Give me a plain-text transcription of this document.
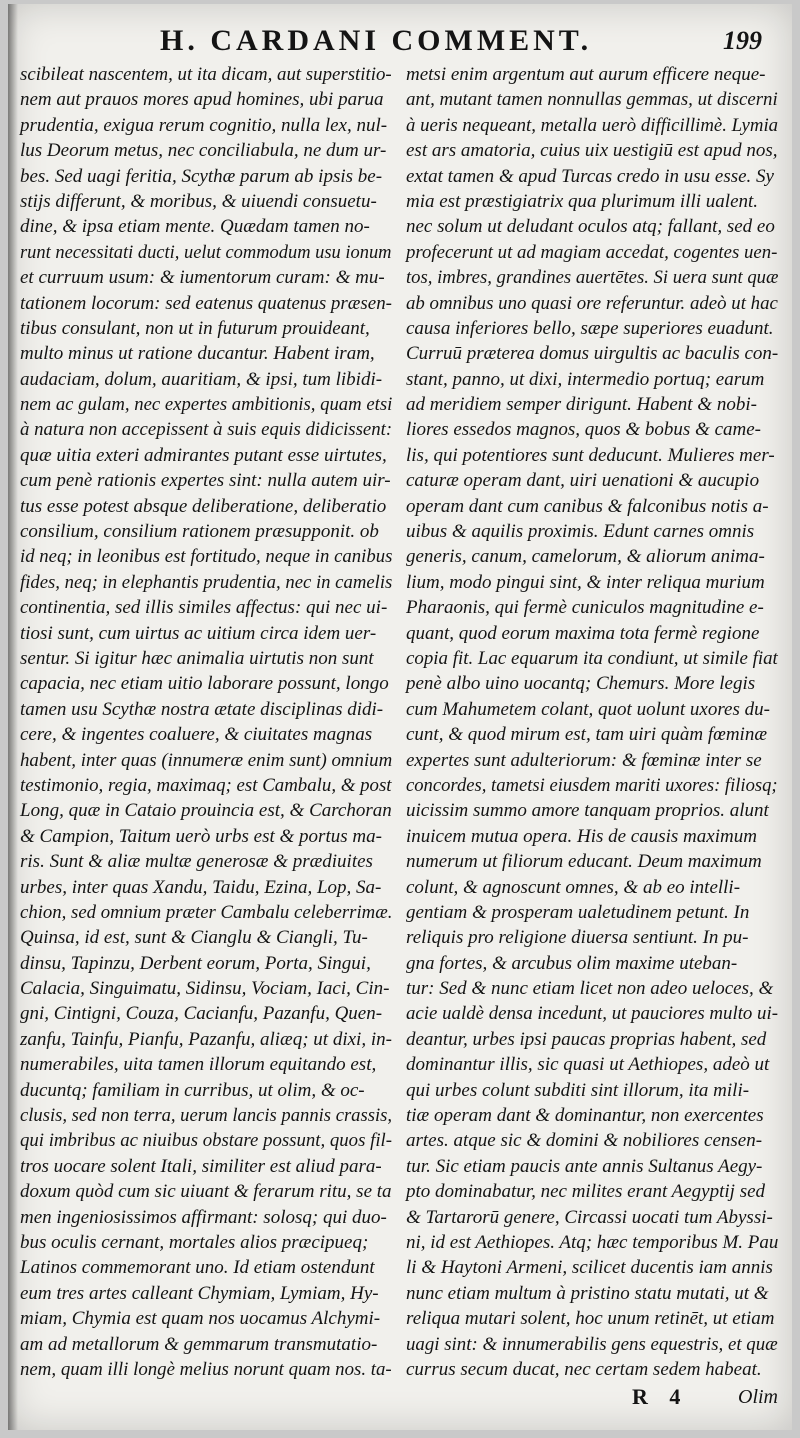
H. CARDANI COMMENT.	199
scibileat nascentem, ut ita dicam, aut superstitio-
nem aut prauos mores apud homines, ubi parua
prudentia, exigua rerum cognitio, nulla lex, nul-
lus Deorum metus, nec conciliabula, ne dum ur-
bes. Sed uagi feritia, Scythæ parum ab ipsis be-
stijs differunt, & moribus, & uiuendi consuetu-
dine, & ipsa etiam mente. Quædam tamen no-
runt necessitati ducti, uelut commodum usu ionum
et curruum usum: & iumentorum curam: & mu-
tationem locorum: sed eatenus quatenus præsen-
tibus consulant, non ut in futurum prouideant,
multo minus ut ratione ducantur. Habent iram,
audaciam, dolum, auaritiam, & ipsi, tum libidi-
nem ac gulam, nec expertes ambitionis, quam etsi
à natura non accepissent à suis equis didicissent:
quæ uitia exteri admirantes putant esse uirtutes,
cum penè rationis expertes sint: nulla autem uir-
tus esse potest absque deliberatione, deliberatio
consilium, consilium rationem præsupponit. ob
id neq; in leonibus est fortitudo, neque in canibus
fides, neq; in elephantis prudentia, nec in camelis
continentia, sed illis similes affectus: qui nec ui-
tiosi sunt, cum uirtus ac uitium circa idem uer-
sentur. Si igitur hæc animalia uirtutis non sunt
capacia, nec etiam uitio laborare possunt, longo
tamen usu Scythæ nostra ætate disciplinas didi-
cere, & ingentes coaluere, & ciuitates magnas
habent, inter quas (innumeræ enim sunt) omnium
testimonio, regia, maximaq; est Cambalu, & post
Long, quæ in Cataio prouincia est, & Carchoran
& Campion, Taitum uerò urbs est & portus ma-
ris. Sunt & aliæ multæ generosæ & prædiuites
urbes, inter quas Xandu, Taidu, Ezina, Lop, Sa-
chion, sed omnium præter Cambalu celeberrimæ.
Quinsa, id est, sunt & Cianglu & Ciangli, Tu-
dinsu, Tapinzu, Derbent eorum, Porta, Singui,
Calacia, Singuimatu, Sidinsu, Vociam, Iaci, Cin-
gni, Cintigni, Couza, Cacianfu, Pazanfu, Quen-
zanfu, Tainfu, Pianfu, Pazanfu, aliæq; ut dixi, in-
numerabiles, uita tamen illorum equitando est,
ducuntq; familiam in curribus, ut olim, & oc-
clusis, sed non terra, uerum lancis pannis crassis,
qui imbribus ac niuibus obstare possunt, quos fil-
tros uocare solent Itali, similiter est aliud para-
doxum quòd cum sic uiuant & ferarum ritu, se ta
men ingeniosissimos affirmant: solosq; qui duo-
bus oculis cernant, mortales alios præcipueq;
Latinos commemorant uno. Id etiam ostendunt
eum tres artes calleant Chymiam, Lymiam, Hy-
miam, Chymia est quam nos uocamus Alchymi-
am ad metallorum & gemmarum transmutatio-
nem, quam illi longè melius norunt quam nos. ta-
metsi enim argentum aut aurum efficere neque-
ant, mutant tamen nonnullas gemmas, ut discerni
à ueris nequeant, metalla uerò difficillimè. Lymia
est ars amatoria, cuius uix uestigiū est apud nos,
extat tamen & apud Turcas credo in usu esse. Sy
mia est præstigiatrix qua plurimum illi ualent.
nec solum ut deludant oculos atq; fallant, sed eo
profecerunt ut ad magiam accedat, cogentes uen-
tos, imbres, grandines auertētes. Si uera sunt quæ
ab omnibus uno quasi ore referuntur. adeò ut hac
causa inferiores bello, sæpe superiores euadunt.
Curruū præterea domus uirgultis ac baculis con-
stant, panno, ut dixi, intermedio portuq; earum
ad meridiem semper dirigunt. Habent & nobi-
liores essedos magnos, quos & bobus & came-
lis, qui potentiores sunt deducunt. Mulieres mer-
caturæ operam dant, uiri uenationi & aucupio
operam dant cum canibus & falconibus notis a-
uibus & aquilis proximis. Edunt carnes omnis
generis, canum, camelorum, & aliorum anima-
lium, modo pingui sint, & inter reliqua murium
Pharaonis, qui fermè cuniculos magnitudine e-
quant, quod eorum maxima tota fermè regione
copia fit. Lac equarum ita condiunt, ut simile fiat
penè albo uino uocantq; Chemurs. More legis
cum Mahumetem colant, quot uolunt uxores du-
cunt, & quod mirum est, tam uiri quàm fœminæ
expertes sunt adulteriorum: & fœminæ inter se
concordes, tametsi eiusdem mariti uxores: filiosq;
uicissim summo amore tanquam proprios. alunt
inuicem mutua opera. His de causis maximum
numerum ut filiorum educant. Deum maximum
colunt, & agnoscunt omnes, & ab eo intelli-
gentiam & prosperam ualetudinem petunt. In
reliquis pro religione diuersa sentiunt. In pu-
gna fortes, & arcubus olim maxime uteban-
tur: Sed & nunc etiam licet non adeo ueloces, &
acie ualdè densa incedunt, ut pauciores multo ui-
deantur, urbes ipsi paucas proprias habent, sed
dominantur illis, sic quasi ut Aethiopes, adeò ut
qui urbes colunt subditi sint illorum, ita mili-
tiæ operam dant & dominantur, non exercentes
artes. atque sic & domini & nobiliores censen-
tur. Sic etiam paucis ante annis Sultanus Aegy-
pto dominabatur, nec milites erant Aegyptij sed
& Tartarorū genere, Circassi uocati tum Abyssi-
ni, id est Aethiopes. Atq; hæc temporibus M. Pau
li & Haytoni Armeni, scilicet ducentis iam annis
nunc etiam multum à pristino statu mutati, ut &
reliqua mutari solent, hoc unum retinēt, ut etiam
uagi sint: & innumerabilis gens equestris, et quæ
currus secum ducat, nec certam sedem habeat.
R 4 Olim
